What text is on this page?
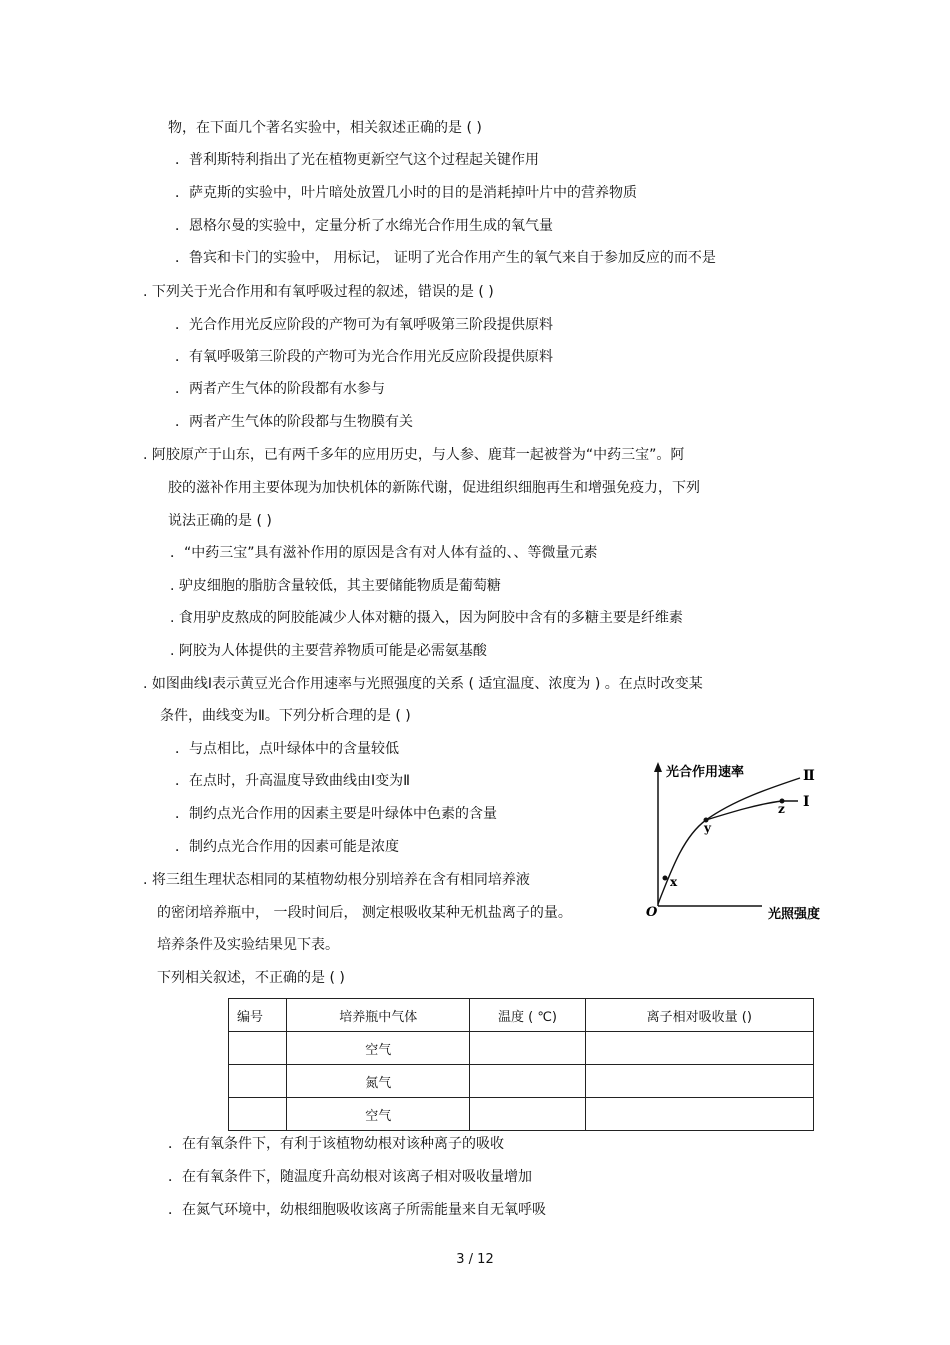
物，在下面几个著名实验中，相关叙述正确的是 ( )
．普利斯特利指出了光在植物更新空气这个过程起关键作用
．萨克斯的实验中，叶片暗处放置几小时的目的是消耗掉叶片中的营养物质
．恩格尔曼的实验中，定量分析了水绵光合作用生成的氧气量
．鲁宾和卡门的实验中， 用标记， 证明了光合作用产生的氧气来自于参加反应的而不是
. 下列关于光合作用和有氧呼吸过程的叙述，错误的是 ( )
．光合作用光反应阶段的产物可为有氧呼吸第三阶段提供原料
．有氧呼吸第三阶段的产物可为光合作用光反应阶段提供原料
．两者产生气体的阶段都有水参与
．两者产生气体的阶段都与生物膜有关
. 阿胶原产于山东，已有两千多年的应用历史，与人参、鹿茸一起被誉为“中药三宝”。阿
胶的滋补作用主要体现为加快机体的新陈代谢，促进组织细胞再生和增强免疫力，下列
说法正确的是 ( )
．“中药三宝”具有滋补作用的原因是含有对人体有益的、、等微量元素
. 驴皮细胞的脂肪含量较低，其主要储能物质是葡萄糖
. 食用驴皮熬成的阿胶能减少人体对糖的摄入，因为阿胶中含有的多糖主要是纤维素
. 阿胶为人体提供的主要营养物质可能是必需氨基酸
. 如图曲线Ⅰ表示黄豆光合作用速率与光照强度的关系 ( 适宜温度、浓度为 ) 。在点时改变某
条件，曲线变为Ⅱ。下列分析合理的是 ( )
．与点相比，点叶绿体中的含量较低
．在点时，升高温度导致曲线由Ⅰ变为Ⅱ
．制约点光合作用的因素主要是叶绿体中色素的含量
．制约点光合作用的因素可能是浓度
光合作用速率
光照强度
O
Ⅱ
Ⅰ
x
y
z
. 将三组生理状态相同的某植物幼根分别培养在含有相同培养液
的密闭培养瓶中， 一段时间后， 测定根吸收某种无机盐离子的量。
培养条件及实验结果见下表。
下列相关叙述，不正确的是 ( )
编号	培养瓶中气体	温度 ( ℃)	离子相对吸收量 ()
	空气		
	氮气		
	空气		
．在有氧条件下，有利于该植物幼根对该种离子的吸收
．在有氧条件下，随温度升高幼根对该离子相对吸收量增加
．在氮气环境中，幼根细胞吸收该离子所需能量来自无氧呼吸
3 / 12
